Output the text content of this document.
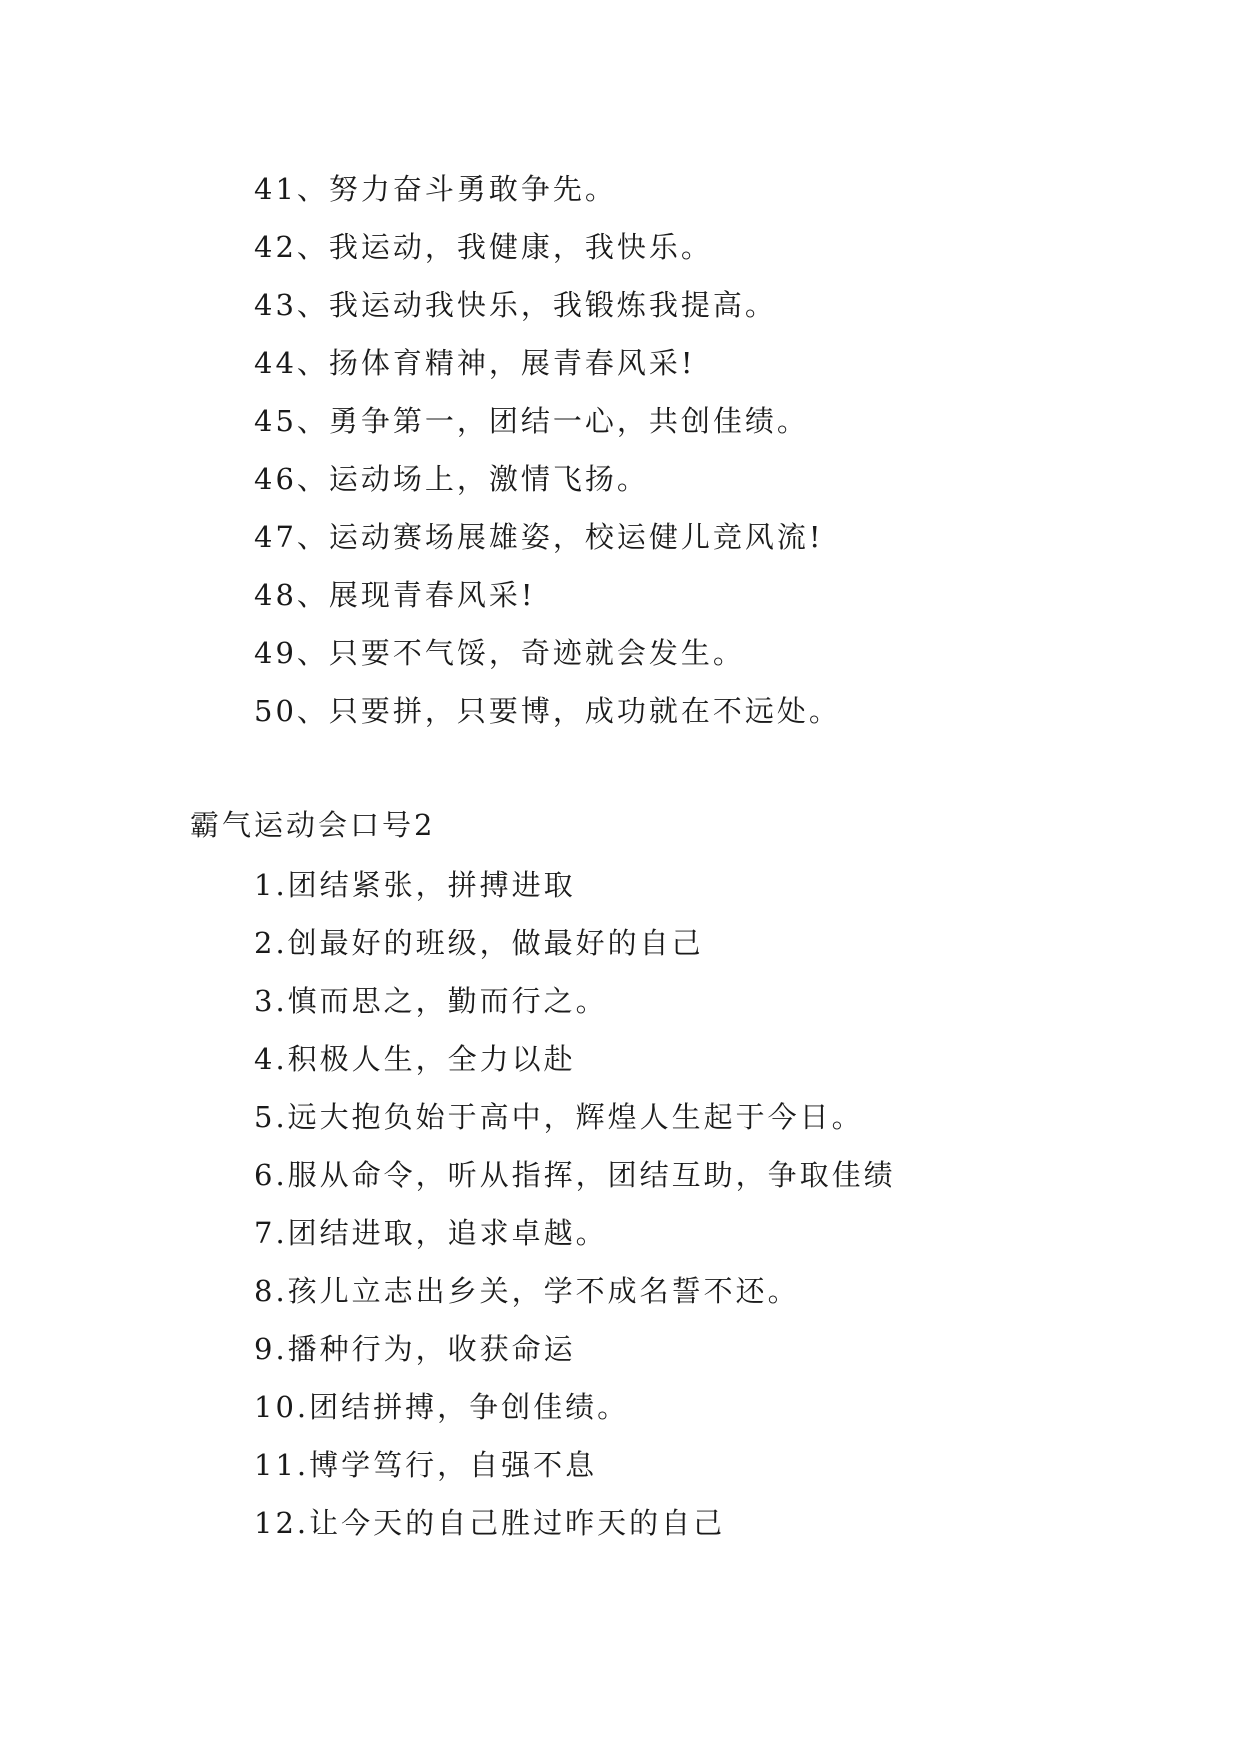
41、努力奋斗勇敢争先。
42、我运动，我健康，我快乐。
43、我运动我快乐，我锻炼我提高。
44、扬体育精神，展青春风采!
45、勇争第一，团结一心，共创佳绩。
46、运动场上，激情飞扬。
47、运动赛场展雄姿，校运健儿竞风流!
48、展现青春风采!
49、只要不气馁，奇迹就会发生。
50、只要拼，只要博，成功就在不远处。
霸气运动会口号2
1.团结紧张，拼搏进取
2.创最好的班级，做最好的自己
3.慎而思之，勤而行之。
4.积极人生，全力以赴
5.远大抱负始于高中，辉煌人生起于今日。
6.服从命令，听从指挥，团结互助，争取佳绩
7.团结进取，追求卓越。
8.孩儿立志出乡关，学不成名誓不还。
9.播种行为，收获命运
10.团结拼搏，争创佳绩。
11.博学笃行，自强不息
12.让今天的自己胜过昨天的自己
